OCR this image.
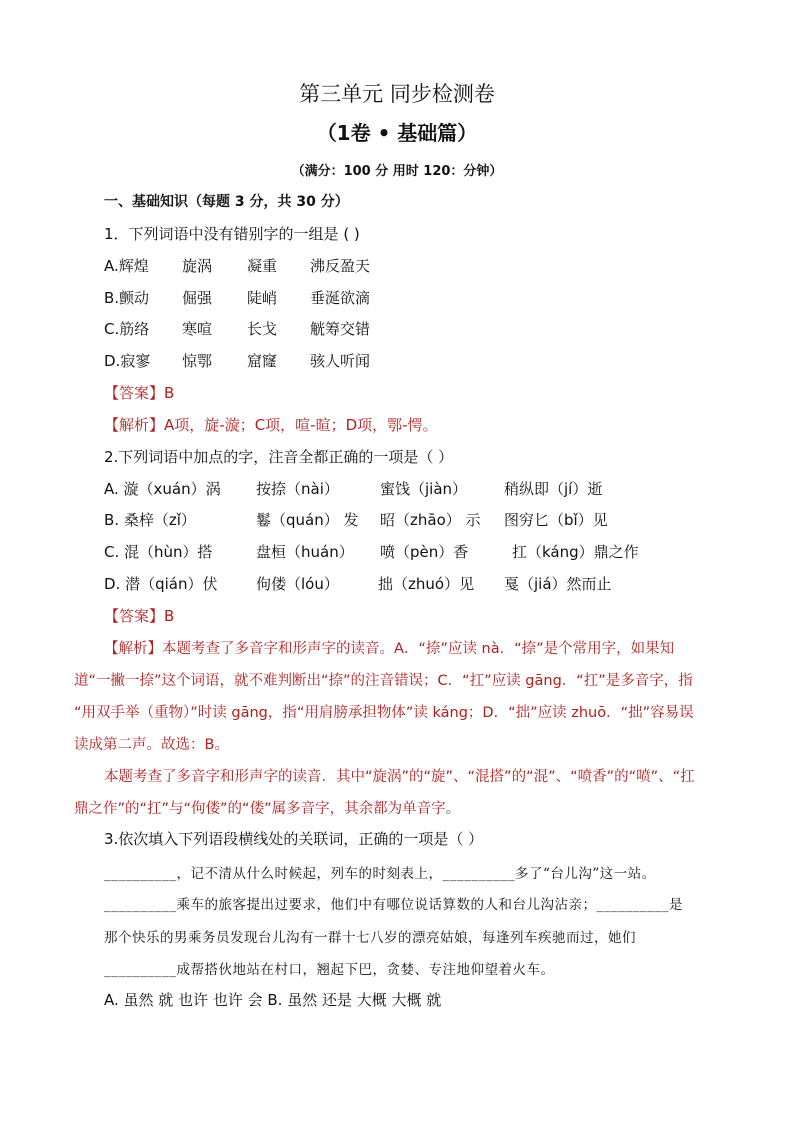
第三单元 同步检测卷
（1卷 • 基础篇）
（满分：100 分 用时 120：分钟）
一、基础知识（每题 3 分，共 30 分）
1．下列词语中没有错别字的一组是 ( )
A.辉煌 旋涡 凝重 沸反盈天
B.颤动 倔强 陡峭 垂涎欲滴
C.筋络 寒喧 长戈 觥筹交错
D.寂寥 惊鄂 窟窿 骇人听闻
【答案】B
【解析】A项，旋-漩；C项，喧-暄；D项，鄂-愕。
2.下列词语中加点的字，注音全都正确的一项是（ ）
A. 漩（xuán）涡 按捺（nài）	蜜饯（jiàn） 稍纵即（jí）逝
B. 桑梓（zǐ）	鬈（quán） 发 昭（zhāo） 示 图穷匕（bǐ）见
C. 混（hùn）搭	盘桓（huán） 喷（pèn）香	扛（káng）鼎之作
D. 潜（qián）伏	佝偻（lóu）	拙（zhuó）见 戛（jiá）然而止
【答案】B
【解析】本题考查了多音字和形声字的读音。A．“捺”应读 nà．“捺”是个常用字，如果知
道“一撇一捺”这个词语，就不难判断出“捺”的注音错误；C．“扛”应读 gāng．“扛”是多音字，指
“用双手举（重物）”时读 gāng，指“用肩膀承担物体”读 káng；D．“拙”应读 zhuō．“拙”容易误
读成第二声。故选：B。
本题考查了多音字和形声字的读音．其中“旋涡”的“旋”、“混搭”的“混”、“喷香”的“喷”、“扛
鼎之作”的“扛”与“佝偻”的“偻”属多音字，其余都为单音字。
3.依次填入下列语段横线处的关联词，正确的一项是（ ）
__________，记不清从什么时候起，列车的时刻表上，__________多了“台儿沟”这一站。
__________乘车的旅客提出过要求，他们中有哪位说话算数的人和台儿沟沾亲；__________是
那个快乐的男乘务员发现台儿沟有一群十七八岁的漂亮姑娘，每逢列车疾驰而过，她们
__________成帮搭伙地站在村口，翘起下巴，贪婪、专注地仰望着火车。
A. 虽然 就 也许 也许 会 B. 虽然 还是 大概 大概 就
